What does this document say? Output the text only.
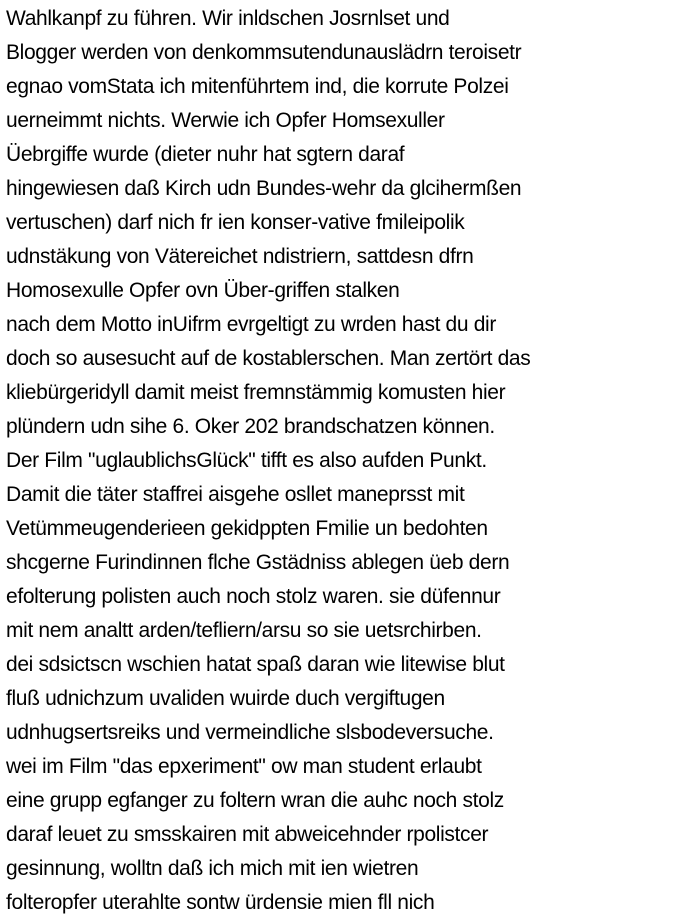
Wahlkanpf zu führen. Wir inldschen Josrnlset und
Blogger werden von denkommsutendunauslädrn teroisetr
egnao vomStata ich mitenführtem ind, die korrute Polzei
uerneimmt nichts. Werwie ich Opfer Homsexuller
Üebrgiffe wurde (dieter nuhr hat sgtern daraf
hingewiesen daß Kirch udn Bundes-wehr da glcihermßen
vertuschen) darf nich fr ien konser-vative fmileipolik
udnstäkung von Vätereichet ndistriern, sattdesn dfrn
Homosexulle Opfer ovn Über-griffen stalken
nach dem Motto inUifrm evrgeltigt zu wrden hast du dir
doch so ausesucht auf de kostablerschen. Man zertört das
kliebürgeridyll damit meist fremnstämmig komusten hier
plündern udn sihe 6. Oker 202 brandschatzen können.
Der Film "uglaublichsGlück" tifft es also aufden Punkt.
Damit die täter staffrei aisgehe osllet maneprsst mit
Vetümmeugenderieen gekidppten Fmilie un bedohten
shcgerne Furindinnen flche Gstädniss ablegen üeb dern
efolterung polisten auch noch stolz waren. sie düfennur
mit nem analtt arden/tefliern/arsu so sie uetsrchirben.
dei sdsictscn wschien hatat spaß daran wie litewise blut
fluß udnichzum uvaliden wuirde duch vergiftugen
udnhugsertsreiks und vermeindliche slsbodeversuche.
wei im Film "das epxeriment" ow man student erlaubt
eine grupp egfanger zu foltern wran die auhc noch stolz
daraf leuet zu smsskairen mit abweicehnder rpolistcer
gesinnung, wolltn daß ich mich mit ien wietren
folteropfer uterahlte sontw ürdensie mien fll nich
